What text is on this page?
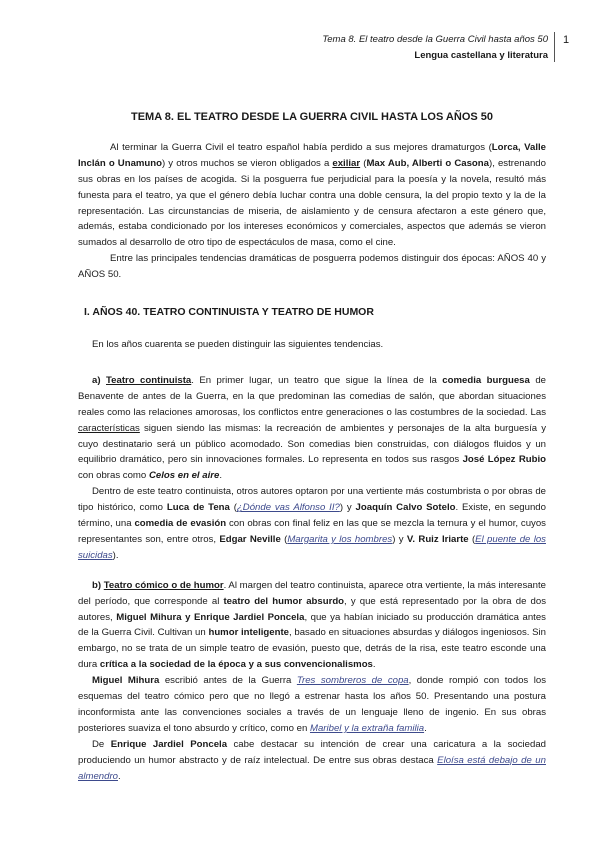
Tema 8. El teatro desde la Guerra Civil hasta años 50
Lengua castellana y literatura
1
TEMA 8. EL TEATRO DESDE LA GUERRA CIVIL HASTA LOS AÑOS 50

Al terminar la Guerra Civil el teatro español había perdido a sus mejores dramaturgos (Lorca, Valle Inclán o Unamuno) y otros muchos se vieron obligados a exiliar (Max Aub, Alberti o Casona), estrenando sus obras en los países de acogida. Si la posguerra fue perjudicial para la poesía y la novela, resultó más funesta para el teatro, ya que el género debía luchar contra una doble censura, la del propio texto y la de la representación. Las circunstancias de miseria, de aislamiento y de censura afectaron a este género que, además, estaba condicionado por los intereses económicos y comerciales, aspectos que además se vieron sumados al desarrollo de otro tipo de espectáculos de masa, como el cine.

Entre las principales tendencias dramáticas de posguerra podemos distinguir dos épocas: AÑOS 40 y AÑOS 50.

I. AÑOS 40. TEATRO CONTINUISTA Y TEATRO DE HUMOR

En los años cuarenta se pueden distinguir las siguientes tendencias.

a) Teatro continuista. En primer lugar, un teatro que sigue la línea de la comedia burguesa de Benavente de antes de la Guerra, en la que predominan las comedias de salón, que abordan situaciones reales como las relaciones amorosas, los conflictos entre generaciones o las costumbres de la sociedad. Las características siguen siendo las mismas: la recreación de ambientes y personajes de la alta burguesía y cuyo destinatario será un público acomodado. Son comedias bien construidas, con diálogos fluidos y un equilibrio dramático, pero sin innovaciones formales. Lo representa en todos sus rasgos José López Rubio con obras como Celos en el aire.

Dentro de este teatro continuista, otros autores optaron por una vertiente más costumbrista o por obras de tipo histórico, como Luca de Tena (¿Dónde vas Alfonso II?) y Joaquín Calvo Sotelo. Existe, en segundo término, una comedia de evasión con obras con final feliz en las que se mezcla la ternura y el humor, cuyos representantes son, entre otros, Edgar Neville (Margarita y los hombres) y V. Ruiz Iriarte (El puente de los suicidas).

b) Teatro cómico o de humor. Al margen del teatro continuista, aparece otra vertiente, la más interesante del período, que corresponde al teatro del humor absurdo, y que está representado por la obra de dos autores, Miguel Mihura y Enrique Jardiel Poncela, que ya habían iniciado su producción dramática antes de la Guerra Civil. Cultivan un humor inteligente, basado en situaciones absurdas y diálogos ingeniosos. Sin embargo, no se trata de un simple teatro de evasión, puesto que, detrás de la risa, este teatro esconde una dura crítica a la sociedad de la época y a sus convencionalismos.

Miguel Mihura escribió antes de la Guerra Tres sombreros de copa, donde rompió con todos los esquemas del teatro cómico pero que no llegó a estrenar hasta los años 50. Presentando una postura inconformista ante las convenciones sociales a través de un lenguaje lleno de ingenio. En sus obras posteriores suaviza el tono absurdo y crítico, como en Maribel y la extraña familia.

De Enrique Jardiel Poncela cabe destacar su intención de crear una caricatura a la sociedad produciendo un humor abstracto y de raíz intelectual. De entre sus obras destaca Eloísa está debajo de un almendro.
